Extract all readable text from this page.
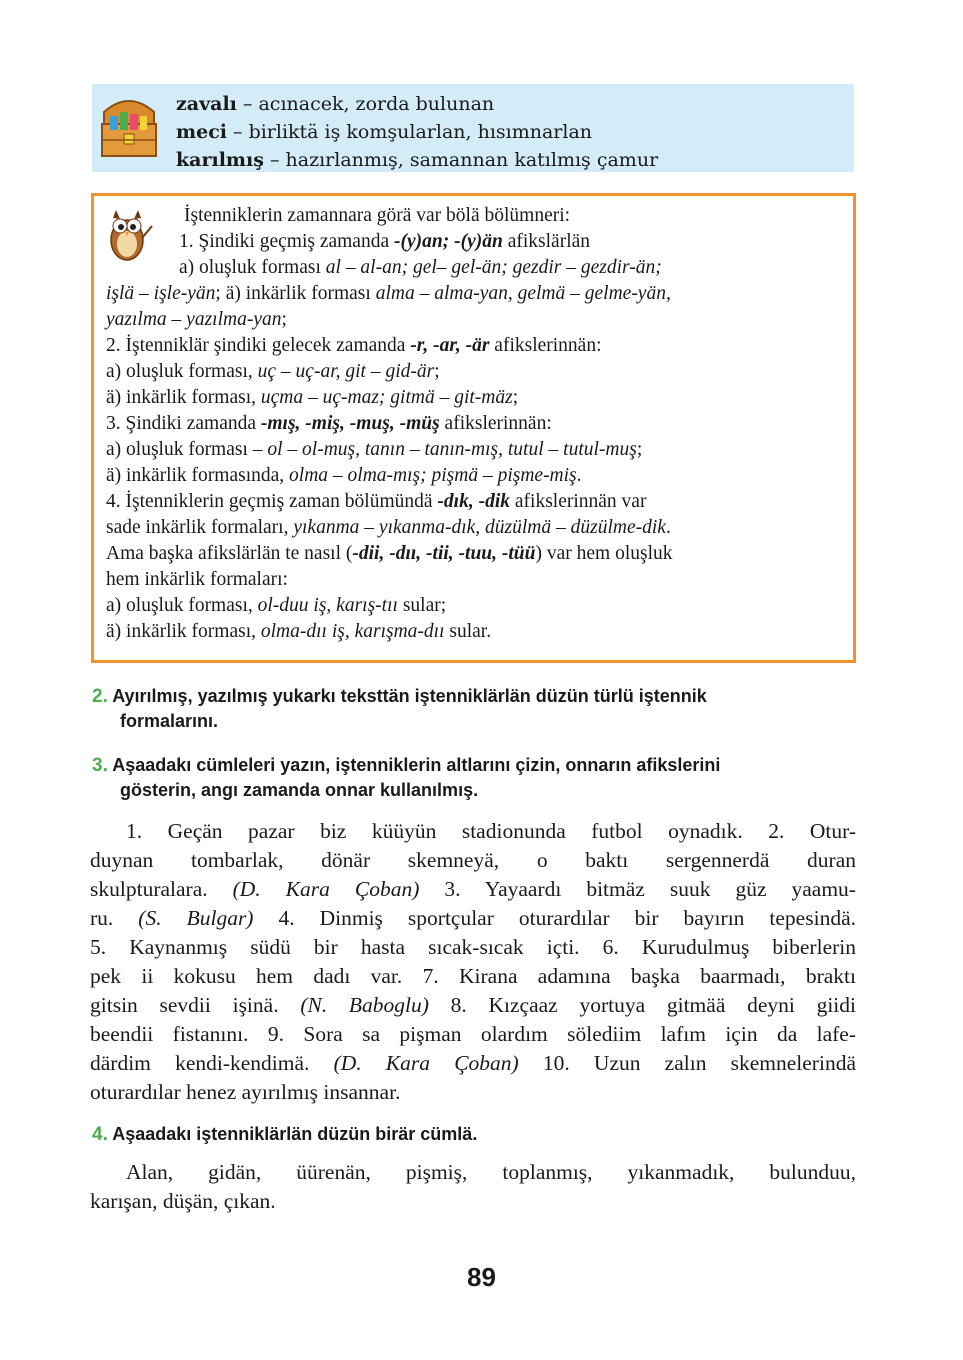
zavalı – acınacek, zorda bulunan
meci – birliktä iş komşularlan, hısımnarlan
karılmış – hazırlanmış, samannan katılmış çamur
İştenniklerin zamannara görä var bölä bölümneri:
1. Şindiki geçmiş zamanda -(y)an; -(y)än afikslärlän
a) oluşluk forması al – al-an; gel– gel-än; gezdir – gezdir-än;
işlä – işle-yän; ä) inkärlik forması alma – alma-yan, gelmä – gelme-yän,
yazılma – yazılma-yan;
2. İştenniklär şindiki gelecek zamanda -r, -ar, -är afikslerinnän:
a) oluşluk forması, uç – uç-ar, git – gid-är;
ä) inkärlik forması, uçma – uç-maz; gitmä – git-mäz;
3. Şindiki zamanda -mış, -miş, -muş, -müş afikslerinnän:
a) oluşluk forması – ol – ol-muş, tanın – tanın-mış, tutul – tutul-muş;
ä) inkärlik formasında, olma – olma-mış; pişmä – pişme-miş.
4. İştenniklerin geçmiş zaman bölümündä -dık, -dik afikslerinnän var
sade inkärlik formaları, yıkanma – yıkanma-dık, düzülmä – düzülme-dik.
Ama başka afikslärlän te nasıl (-dii, -dıı, -tii, -tuu, -tüü) var hem oluşluk
hem inkärlik formaları:
a) oluşluk forması, ol-duu iş, karış-tıı sular;
ä) inkärlik forması, olma-dıı iş, karışma-dıı sular.
2. Ayırılmış, yazılmış yukarkı teksttän iştenniklärlän düzün türlü iştennik
formalarını.
3. Aşaadakı cümleleri yazın, iştenniklerin altlarını çizin, onnarın afikslerini
gösterin, angı zamanda onnar kullanılmış.
1. Geçän pazar biz küüyün stadionunda futbol oynadık. 2. Otur-
duynan tombarlak, dönär skemneyä, o baktı sergennerdä duran
skulpturalara. (D. Kara Çoban) 3. Yayaardı bitmäz suuk güz yaamu-
ru. (S. Bulgar) 4. Dinmiş sportçular oturardılar bir bayırın tepesindä.
5. Kaynanmış südü bir hasta sıcak-sıcak içti. 6. Kurudulmuş biberlerin
pek ii kokusu hem dadı var. 7. Kirana adamına başka baarmadı, braktı
gitsin sevdii işinä. (N. Baboglu) 8. Kızçaaz yortuya gitmää deyni giidi
beendii fistanını. 9. Sora sa pişman olardım sölediim lafım için da lafe-
därdim kendi-kendimä. (D. Kara Çoban) 10. Uzun zalın skemnelerindä
oturardılar henez ayırılmış insannar.
4. Aşaadakı iştenniklärlän düzün birär cümlä.
Alan, gidän, üürenän, pişmiş, toplanmış, yıkanmadık, bulunduu,
karışan, düşän, çıkan.
89
